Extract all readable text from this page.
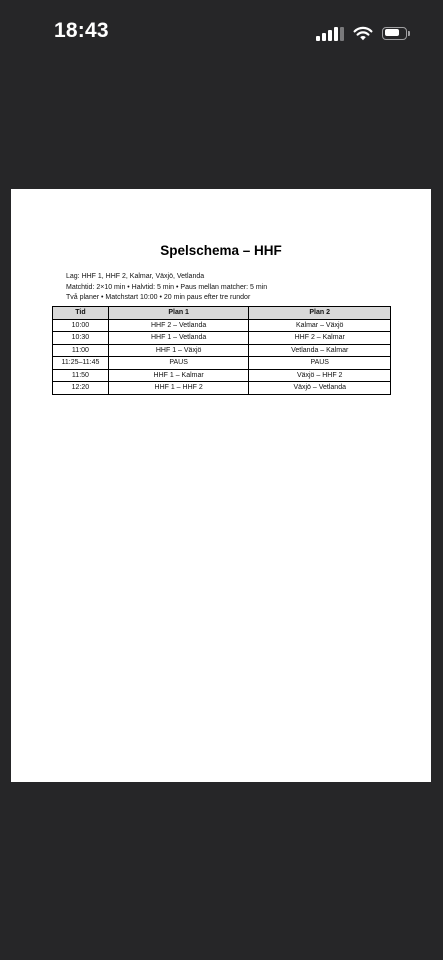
18:43
Spelschema – HHF
Lag: HHF 1, HHF 2, Kalmar, Växjö, Vetlanda
Matchtid: 2×10 min • Halvtid: 5 min • Paus mellan matcher: 5 min
Två planer • Matchstart 10:00 • 20 min paus efter tre rundor
Tid	Plan 1	Plan 2
10:00	HHF 2 – Vetlanda	Kalmar – Växjö
10:30	HHF 1 – Vetlanda	HHF 2 – Kalmar
11:00	HHF 1 – Växjö	Vetlanda – Kalmar
11:25–11:45	PAUS	PAUS
11:50	HHF 1 – Kalmar	Växjö – HHF 2
12:20	HHF 1 – HHF 2	Växjö – Vetlanda
